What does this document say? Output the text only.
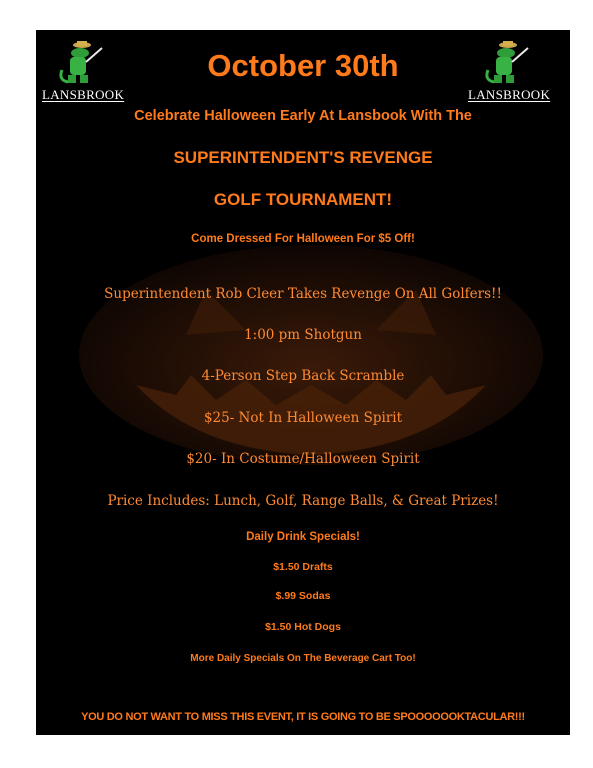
LANSBROOK	LANSBROOK
October 30th
Celebrate Halloween Early At Lansbook With The
SUPERINTENDENT'S REVENGE
GOLF TOURNAMENT!
Come Dressed For Halloween For $5 Off!
Superintendent Rob Cleer Takes Revenge On All Golfers!!
1:00 pm Shotgun
4-Person Step Back Scramble
$25- Not In Halloween Spirit
$20- In Costume/Halloween Spirit
Price Includes: Lunch, Golf, Range Balls, & Great Prizes!
Daily Drink Specials!
$1.50 Drafts
$.99 Sodas
$1.50 Hot Dogs
More Daily Specials On The Beverage Cart Too!
YOU DO NOT WANT TO MISS THIS EVENT, IT IS GOING TO BE SPOOOOOOKTACULAR!!!
